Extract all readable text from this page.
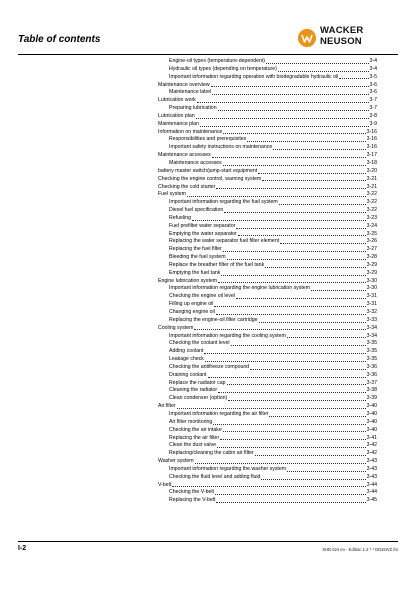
Table of contents
WACKER
NEUSON
Engine-oil types (temperature-dependent)	3-4
Hydraulic oil types (depending on temperature)	3-4
Important information regarding operation with biodegradable hydraulic oil	3-5
Maintenance overview	3-6
Maintenance label	3-6
Lubrication work	3-7
Preparing lubrication	3-7
Lubrication plan	3-8
Maintenance plan	3-9
Information on maintenance	3-16
Responsibilities and prerequisites	3-16
Important safety instructions on maintenance	3-16
Maintenance accesses	3-17
Maintenance accesses	3-18
battery master switch/jump-start equipment	3-20
Checking the engine control, warning system	3-21
Checking the cold starter	3-21
Fuel system	3-22
Important information regarding the fuel system	3-22
Diesel fuel specification	3-22
Refueling	3-23
Fuel prefilter water separator	3-24
Emptying the water separator	3-25
Replacing the water separator fuel filter element	3-26
Replacing the fuel filter	3-27
Bleeding the fuel system	3-28
Replace the breather filter of the fuel tank	3-29
Emptying the fuel tank	3-29
Engine lubrication system	3-30
Important information regarding the engine lubrication system	3-30
Checking the engine oil level	3-31
Filling up engine oil	3-31
Changing engine oil	3-32
Replacing the engine-oil filter cartridge	3-33
Cooling system	3-34
Important information regarding the cooling system	3-34
Checking the coolant level	3-35
Adding coolant	3-35
Leakage check	3-35
Checking the antifreeze compound	3-36
Draining coolant	3-36
Replace the radiator cap	3-37
Cleaning the radiator	3-38
Clean condenser (option)	3-39
Air filter	3-40
Important information regarding the air filter	3-40
Air filter monitoring	3-40
Checking the air intake	3-40
Replacing the air filter	3-41
Clean the dust valve	3-42
Replacing/cleaning the cabin air filter	3-42
Washer system	3-43
Important information regarding the washer system	3-43
Checking the fluid level and adding fluid	3-43
V-belt	3-44
Checking the V-belt	3-44
Replacing the V-belt	3-45
I-2	SHB 024 en - Edition 1.2 * * DD4sIVZ.fm
